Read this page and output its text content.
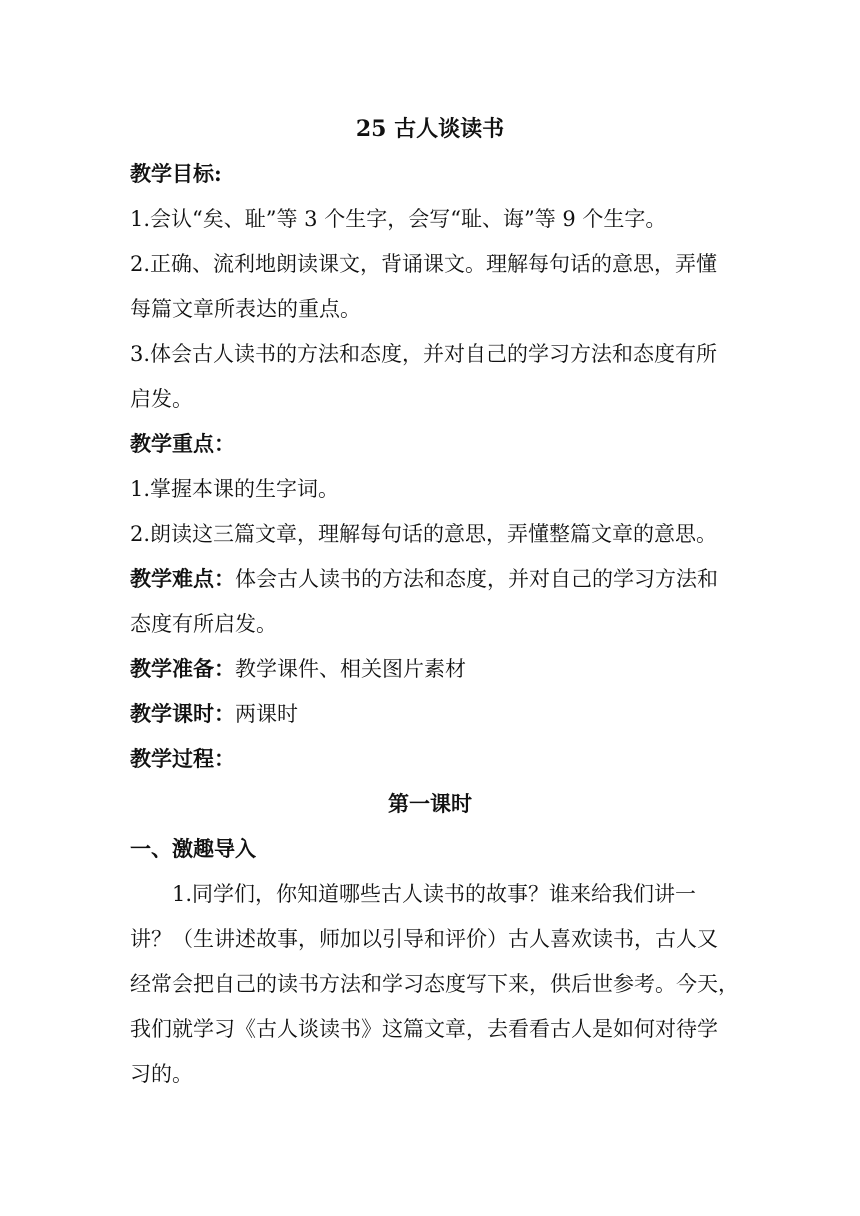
25 古人谈读书
教学目标:
1.会认“矣、耻”等 3 个生字，会写“耻、诲”等 9 个生字。
2.正确、流利地朗读课文，背诵课文。理解每句话的意思，弄懂
每篇文章所表达的重点。
3.体会古人读书的方法和态度，并对自己的学习方法和态度有所
启发。
教学重点：
1.掌握本课的生字词。
2.朗读这三篇文章，理解每句话的意思，弄懂整篇文章的意思。
教学难点：体会古人读书的方法和态度，并对自己的学习方法和
态度有所启发。
教学准备：教学课件、相关图片素材
教学课时：两课时
教学过程：
第一课时
一、激趣导入
1.同学们，你知道哪些古人读书的故事？谁来给我们讲一
讲？（生讲述故事，师加以引导和评价）古人喜欢读书，古人又
经常会把自己的读书方法和学习态度写下来，供后世参考。今天，
我们就学习《古人谈读书》这篇文章，去看看古人是如何对待学
习的。
